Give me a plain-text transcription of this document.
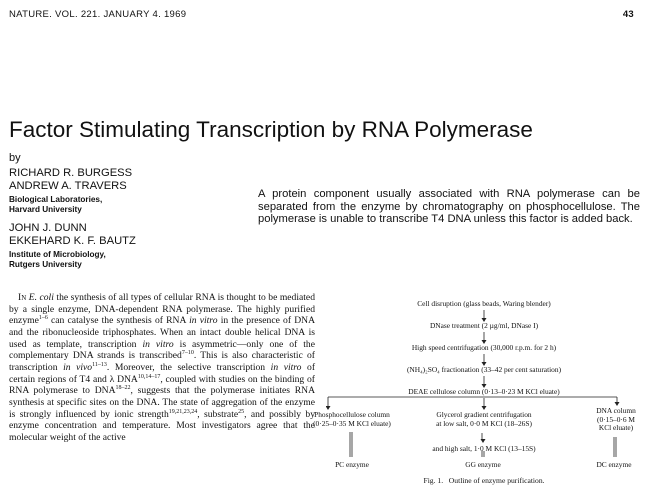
NATURE. VOL. 221. JANUARY 4. 1969	43
Factor Stimulating Transcription by RNA Polymerase
by
RICHARD R. BURGESS
ANDREW A. TRAVERS
Biological Laboratories,
Harvard University
JOHN J. DUNN
EKKEHARD K. F. BAUTZ
Institute of Microbiology,
Rutgers University
A protein component usually associated with RNA polymerase can be separated from the enzyme by chromatography on phosphocellulose. The polymerase is unable to transcribe T4 DNA unless this factor is added back.

In E. coli the synthesis of all types of cellular RNA is thought to be mediated by a single enzyme, DNA-dependent RNA polymerase. The highly purified enzyme$^{1-6}$ can catalyse the synthesis of RNA in vitro in the presence of DNA and the ribonucleoside triphosphates. When an intact double helical DNA is used as template, transcription in vitro is asymmetric—only one of the complementary DNA strands is transcribed$^{7-10}$. This is also characteristic of transcription in vivo$^{11-13}$. Moreover, the selective transcription in vitro of certain regions of T4 and λ DNA$^{10,14-17}$, coupled with studies on the binding of RNA polymerase to DNA$^{18-22}$, suggests that the polymerase initiates RNA synthesis at specific sites on the DNA. The state of aggregation of the enzyme is strongly influenced by ionic strength$^{19,21,23,24}$, substrate$^{25}$, and possibly by enzyme concentration and temperature. Most investigators agree that the molecular weight of the active

Cell disruption (glass beads, Waring blender)
DNase treatment (2 µg/ml, DNase I)
High speed centrifugation (30,000 r.p.m. for 2 h)
(NH₄)₂SO₄ fractionation (33–42 per cent saturation)
DEAE cellulose column (0·13–0·23 M KCl eluate)
Phosphocellulose column
(0·25–0·35 M KCl eluate)
Glycerol gradient centrifugation
at low salt, 0·0 M KCl (18–26S)
DNA column
(0·15–0·6 M
KCl eluate)
and high salt, 1·0 M KCl (13–15S)
PC enzyme	GG enzyme	DC enzyme
Fig. 1. Outline of enzyme purification.
